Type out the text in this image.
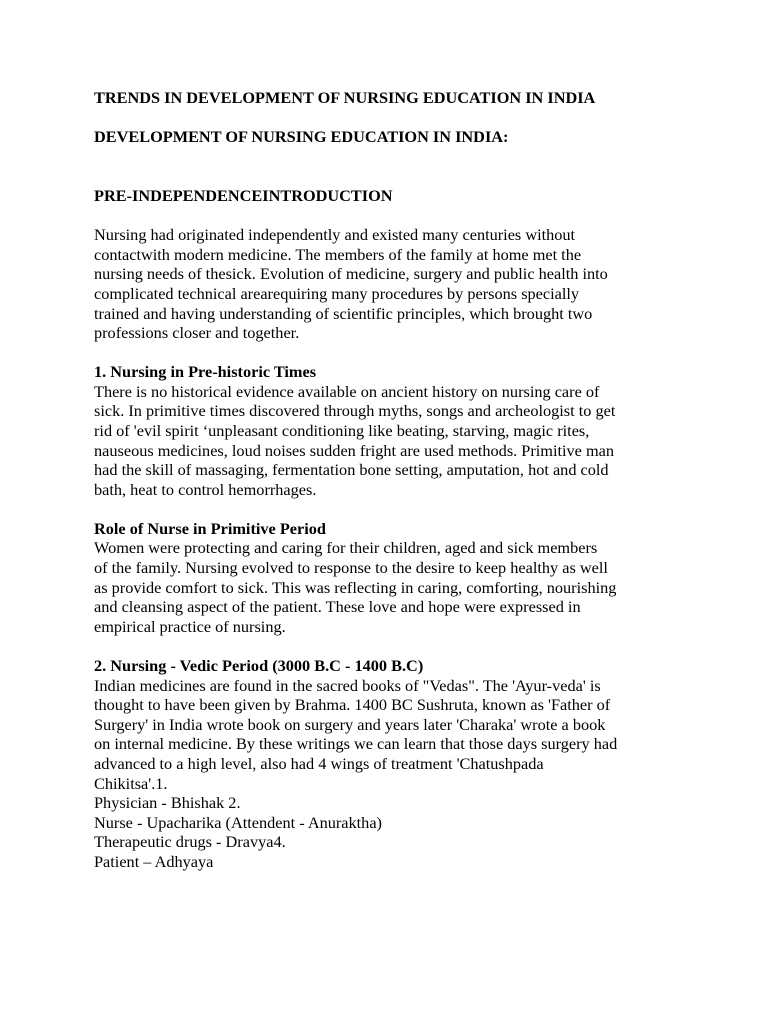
TRENDS IN DEVELOPMENT OF NURSING EDUCATION IN INDIA
DEVELOPMENT OF NURSING EDUCATION IN INDIA:
PRE-INDEPENDENCEINTRODUCTION
Nursing had originated independently and existed many centuries without
contactwith modern medicine. The members of the family at home met the
nursing needs of thesick. Evolution of medicine, surgery and public health into
complicated technical arearequiring many procedures by persons specially
trained and having understanding of scientific principles, which brought two
professions closer and together.
1. Nursing in Pre-historic Times
There is no historical evidence available on ancient history on nursing care of
sick. In primitive times discovered through myths, songs and archeologist to get
rid of 'evil spirit ‘unpleasant conditioning like beating, starving, magic rites,
nauseous medicines, loud noises sudden fright are used methods. Primitive man
had the skill of massaging, fermentation bone setting, amputation, hot and cold
bath, heat to control hemorrhages.
Role of Nurse in Primitive Period
Women were protecting and caring for their children, aged and sick members
of the family. Nursing evolved to response to the desire to keep healthy as well
as provide comfort to sick. This was reflecting in caring, comforting, nourishing
and cleansing aspect of the patient. These love and hope were expressed in
empirical practice of nursing.
2. Nursing - Vedic Period (3000 B.C - 1400 B.C)
Indian medicines are found in the sacred books of "Vedas". The 'Ayur-veda' is
thought to have been given by Brahma. 1400 BC Sushruta, known as 'Father of
Surgery' in India wrote book on surgery and years later 'Charaka' wrote a book
on internal medicine. By these writings we can learn that those days surgery had
advanced to a high level, also had 4 wings of treatment 'Chatushpada
Chikitsa'.1.
Physician - Bhishak 2.
Nurse - Upacharika (Attendent - Anuraktha)
Therapeutic drugs - Dravya4.
Patient – Adhyaya
